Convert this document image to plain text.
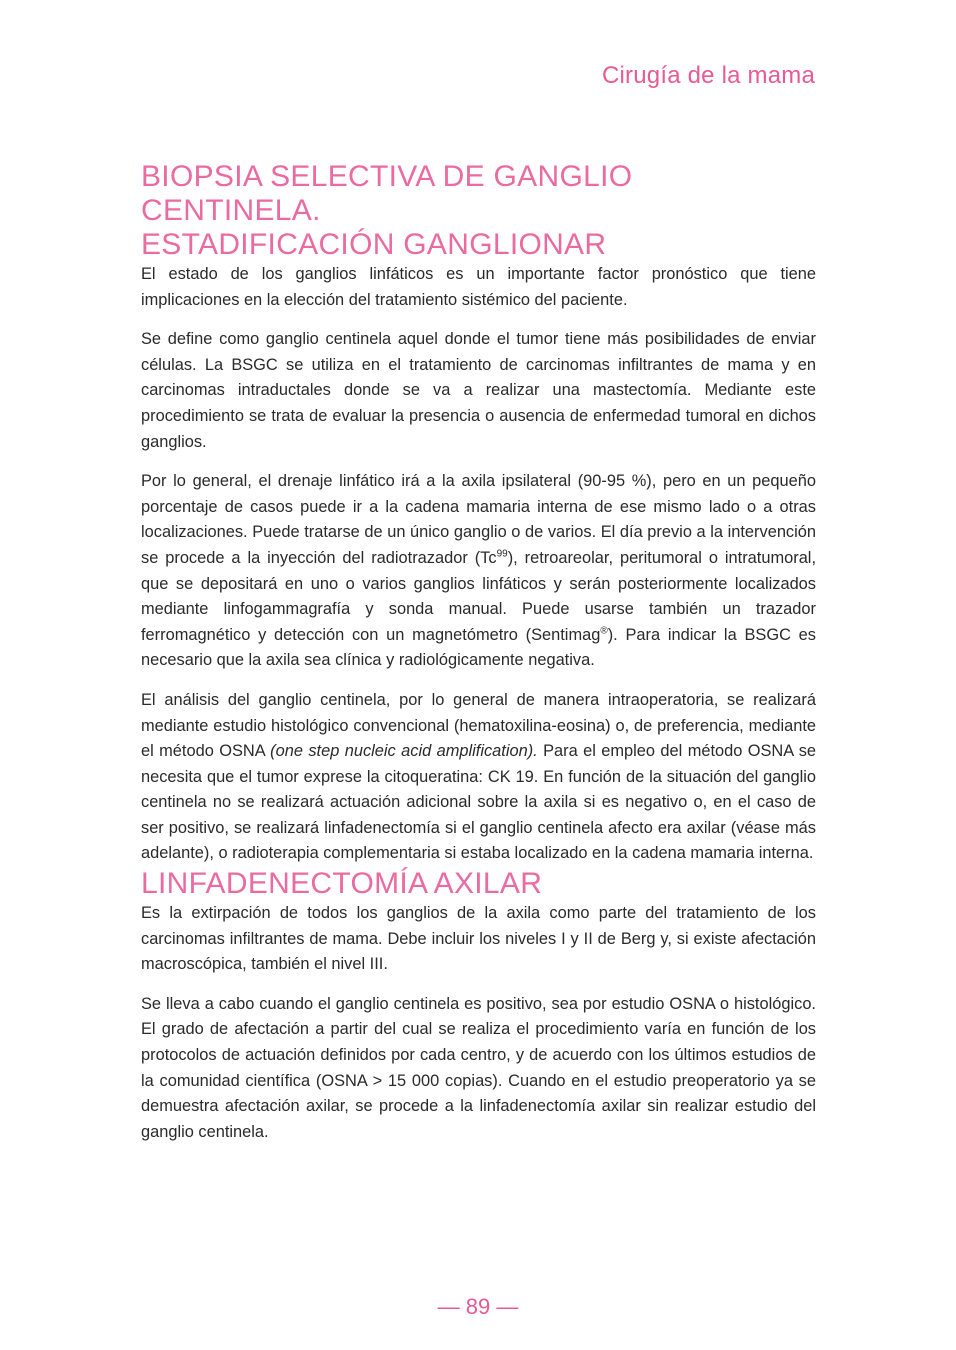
Cirugía de la mama
BIOPSIA SELECTIVA DE GANGLIO CENTINELA.
ESTADIFICACIÓN GANGLIONAR

El estado de los ganglios linfáticos es un importante factor pronóstico que tiene implicaciones en la elección del tratamiento sistémico del paciente.

Se define como ganglio centinela aquel donde el tumor tiene más posibilidades de enviar células. La BSGC se utiliza en el tratamiento de carcinomas infiltrantes de mama y en carcinomas intraductales donde se va a realizar una mastectomía. Mediante este procedimiento se trata de evaluar la presencia o ausencia de enfermedad tumoral en dichos ganglios.

Por lo general, el drenaje linfático irá a la axila ipsilateral (90-95 %), pero en un pequeño porcentaje de casos puede ir a la cadena mamaria interna de ese mismo lado o a otras localizaciones. Puede tratarse de un único ganglio o de varios. El día previo a la intervención se procede a la inyección del radiotrazador (Tc$^{99}$), retroareolar, peritumoral o intratumoral, que se depositará en uno o varios ganglios linfáticos y serán posteriormente localizados mediante linfogammagrafía y sonda manual. Puede usarse también un trazador ferromagnético y detección con un magnetómetro (Sentimag®). Para indicar la BSGC es necesario que la axila sea clínica y radiológicamente negativa.

El análisis del ganglio centinela, por lo general de manera intraoperatoria, se realizará mediante estudio histológico convencional (hematoxilina-eosina) o, de preferencia, mediante el método OSNA (one step nucleic acid amplification). Para el empleo del método OSNA se necesita que el tumor exprese la citoqueratina: CK 19. En función de la situación del ganglio centinela no se realizará actuación adicional sobre la axila si es negativo o, en el caso de ser positivo, se realizará linfadenectomía si el ganglio centinela afecto era axilar (véase más adelante), o radioterapia complementaria si estaba localizado en la cadena mamaria interna.

LINFADENECTOMÍA AXILAR

Es la extirpación de todos los ganglios de la axila como parte del tratamiento de los carcinomas infiltrantes de mama. Debe incluir los niveles I y II de Berg y, si existe afectación macroscópica, también el nivel III.

Se lleva a cabo cuando el ganglio centinela es positivo, sea por estudio OSNA o histológico. El grado de afectación a partir del cual se realiza el procedimiento varía en función de los protocolos de actuación definidos por cada centro, y de acuerdo con los últimos estudios de la comunidad científica (OSNA > 15 000 copias). Cuando en el estudio preoperatorio ya se demuestra afectación axilar, se procede a la linfadenectomía axilar sin realizar estudio del ganglio centinela.

— 89 —
